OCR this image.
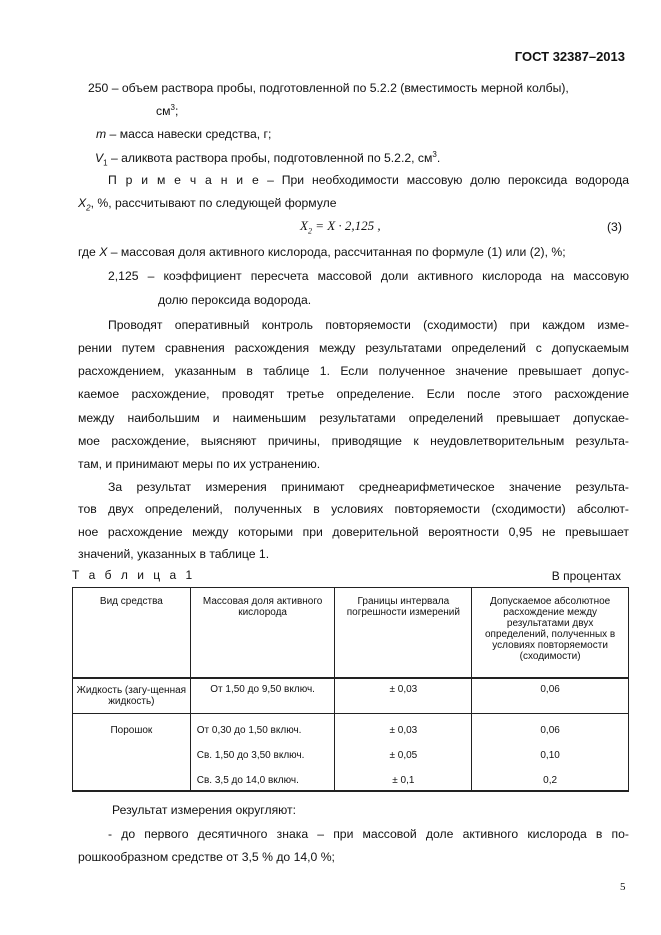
ГОСТ 32387–2013
250 – объем раствора пробы, подготовленной по 5.2.2 (вместимость мерной колбы),
$см^3$;
m – масса навески средства, г;
$V_1$ – аликвота раствора пробы, подготовленной по 5.2.2, $см^3$.
П р и м е ч а н и е – При необходимости массовую долю пероксида водорода
$X_2$, %, рассчитывают по следующей формуле
$X_2 = X \cdot 2,125$ ,	(3)
где X – массовая доля активного кислорода, рассчитанная по формуле (1) или (2), %;
2,125 – коэффициент пересчета массовой доли активного кислорода на массовую
долю пероксида водорода.
Проводят оперативный контроль повторяемости (сходимости) при каждом изме-
рении путем сравнения расхождения между результатами определений с допускаемым
расхождением, указанным в таблице 1. Если полученное значение превышает допус-
каемое расхождение, проводят третье определение. Если после этого расхождение
между наибольшим и наименьшим результатами определений превышает допускае-
мое расхождение, выясняют причины, приводящие к неудовлетворительным результа-
там, и принимают меры по их устранению.
За результат измерения принимают среднеарифметическое значение результа-
тов двух определений, полученных в условиях повторяемости (сходимости) абсолют-
ное расхождение между которыми при доверительной вероятности 0,95 не превышает
значений, указанных в таблице 1.
Т а б л и ц а 1	В процентах
Вид средства	Массовая доля активного кислорода	Границы интервала погрешности измерений	Допускаемое абсолютное расхождение между результатами двух определений, полученных в условиях повторяемости (сходимости)
Жидкость (загу-щенная жидкость)	От 1,50 до 9,50 включ.	± 0,03	0,06
Порошок	От 0,30 до 1,50 включ.	± 0,03	0,06
	Св. 1,50 до 3,50 включ.	± 0,05	0,10
	Св. 3,5 до 14,0 включ.	± 0,1	0,2
Результат измерения округляют:
- до первого десятичного знака – при массовой доле активного кислорода в по-
рошкообразном средстве от 3,5 % до 14,0 %;
5
